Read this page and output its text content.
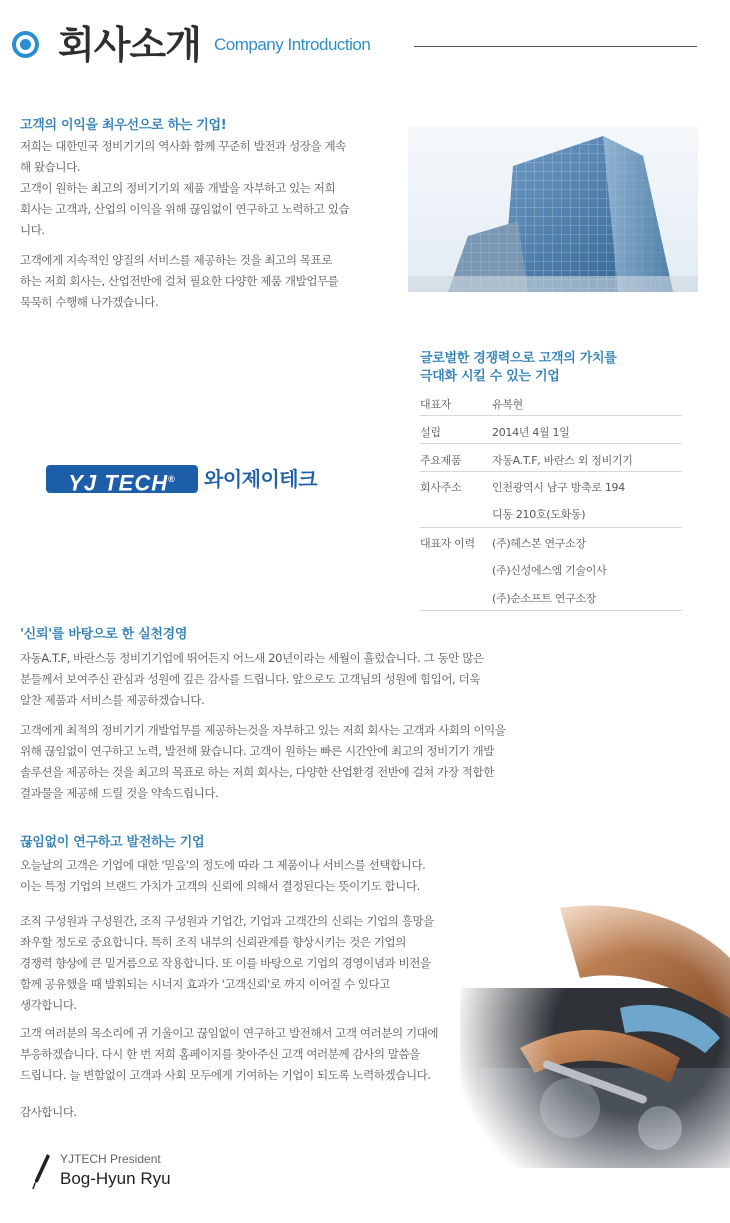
회사소개 Company Introduction
고객의 이익을 최우선으로 하는 기업!
저희는 대한민국 정비기기의 역사화 함께 꾸준히 발전과 성장을 계속
해 왔습니다.
고객이 원하는 최고의 정비기기외 제품 개발을 자부하고 있는 저희
회사는 고객과, 산업의 이익을 위해 끊임없이 연구하고 노력하고 있습
니다.
고객에게 지속적인 양질의 서비스를 제공하는 것을 최고의 목표로
하는 저희 회사는, 산업전반에 걸쳐 필요한 다양한 제품 개발업무를
묵묵히 수행해 나가겠습니다.
글로벌한 경쟁력으로 고객의 가치를
극대화 시킬 수 있는 기업
대표자	유복현
설립	2014년 4월 1일
주요제품	자동A.T.F, 바란스 외 정비기기
회사주소	인천광역시 남구 방축로 194
디동 210호(도화동)
대표자 이력 (주)헤스본 연구소장
(주)신성에스엠 기술이사
(주)순소프트 연구소장
YJ TECH®	와이제이테크
'신뢰'를 바탕으로 한 실천경영
자동A.T.F, 바란스등 정비기기업에 뛰어든지 어느새 20년이라는 세월이 흘렀습니다. 그 동안 많은
분들께서 보여주신 관심과 성원에 깊은 감사를 드립니다. 앞으로도 고객님의 성원에 힘입어, 더욱
알찬 제품과 서비스를 제공하겠습니다.
고객에게 최적의 정비기기 개발업무를 제공하는것을 자부하고 있는 저희 회사는 고객과 사회의 이익을
위해 끊임없이 연구하고 노력, 발전해 왔습니다. 고객이 원하는 빠른 시간안에 최고의 정비기기 개발
솔루션을 제공하는 것을 최고의 목표로 하는 저희 회사는, 다양한 산업환경 전반에 걸쳐 가장 적합한
결과물을 제공해 드릴 것을 약속드립니다.
끊임없이 연구하고 발전하는 기업
오늘날의 고객은 기업에 대한 '믿음'의 정도에 따라 그 제품이나 서비스를 선택합니다.
이는 특정 기업의 브랜드 가치가 고객의 신뢰에 의해서 결정된다는 뜻이기도 합니다.
조직 구성원과 구성원간, 조직 구성원과 기업간, 기업과 고객간의 신뢰는 기업의 흥망을
좌우할 정도로 중요합니다. 특히 조직 내부의 신뢰관계를 향상시키는 것은 기업의
경쟁력 향상에 큰 밑거름으로 작용합니다. 또 이를 바탕으로 기업의 경영이념과 비전을
함께 공유했을 때 발휘되는 시너지 효과가 '고객신뢰'로 까지 이어질 수 있다고
생각합니다.
고객 여러분의 목소리에 귀 기울이고 끊임없이 연구하고 발전해서 고객 여러분의 기대에
부응하겠습니다. 다시 한 번 저희 홈페이지를 찾아주신 고객 여러분께 감사의 말씀을
드립니다. 늘 변함없이 고객과 사회 모두에게 기여하는 기업이 되도록 노력하겠습니다.
감사합니다.
YJTECH President
Bog-Hyun Ryu
